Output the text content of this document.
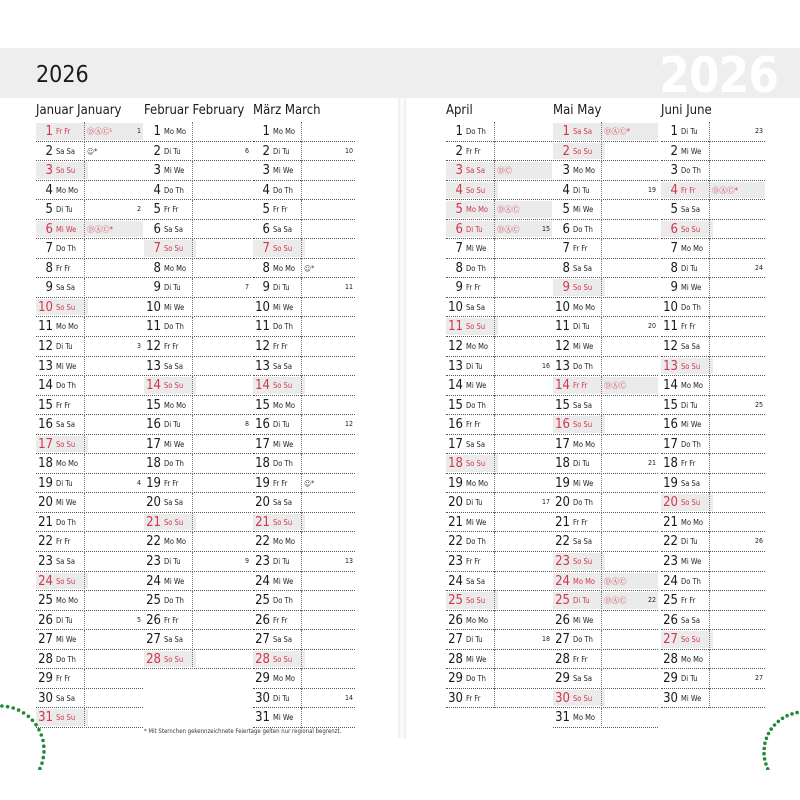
2026	2026
Januar January
1 Fr Fr ⒹⒶⒸ¹	1
2 Sa Sa ☺*
3 So Su
4 Mo Mo
5 Di Tu	2
6 Mi We ⒹⒶⒸ*
7 Do Th
8 Fr Fr
9 Sa Sa
10 So Su
11 Mo Mo
12 Di Tu	3
13 Mi We
14 Do Th
15 Fr Fr
16 Sa Sa
17 So Su
18 Mo Mo
19 Di Tu	4
20 Mi We
21 Do Th
22 Fr Fr
23 Sa Sa
24 So Su
25 Mo Mo
26 Di Tu	5
27 Mi We
28 Do Th
29 Fr Fr
30 Sa Sa
31 So Su
Februar February
1 Mo Mo
2 Di Tu	6
3 Mi We
4 Do Th
5 Fr Fr
6 Sa Sa
7 So Su
8 Mo Mo
9 Di Tu	7
10 Mi We
11 Do Th
12 Fr Fr
13 Sa Sa
14 So Su
15 Mo Mo
16 Di Tu	8
17 Mi We
18 Do Th
19 Fr Fr
20 Sa Sa
21 So Su
22 Mo Mo
23 Di Tu	9
24 Mi We
25 Do Th
26 Fr Fr
27 Sa Sa
28 So Su
März March
1 Mo Mo
2 Di Tu	10
3 Mi We
4 Do Th
5 Fr Fr
6 Sa Sa
7 So Su
8 Mo Mo ☺*
9 Di Tu	11
10 Mi We
11 Do Th
12 Fr Fr
13 Sa Sa
14 So Su
15 Mo Mo
16 Di Tu	12
17 Mi We
18 Do Th
19 Fr Fr ☺*
20 Sa Sa
21 So Su
22 Mo Mo
23 Di Tu	13
24 Mi We
25 Do Th
26 Fr Fr
27 Sa Sa
28 So Su
29 Mo Mo
30 Di Tu	14
31 Mi We
April
1 Do Th
2 Fr Fr
3 Sa Sa ⒹⒸ
4 So Su
5 Mo Mo ⒹⒶⒸ
6 Di Tu ⒹⒶⒸ	15
7 Mi We
8 Do Th
9 Fr Fr
10 Sa Sa
11 So Su
12 Mo Mo
13 Di Tu	16
14 Mi We
15 Do Th
16 Fr Fr
17 Sa Sa
18 So Su
19 Mo Mo
20 Di Tu	17
21 Mi We
22 Do Th
23 Fr Fr
24 Sa Sa
25 So Su
26 Mo Mo
27 Di Tu	18
28 Mi We
29 Do Th
30 Fr Fr
Mai May
1 Sa Sa ⒹⒶⒸ*
2 So Su
3 Mo Mo
4 Di Tu	19
5 Mi We
6 Do Th
7 Fr Fr
8 Sa Sa
9 So Su
10 Mo Mo
11 Di Tu	20
12 Mi We
13 Do Th
14 Fr Fr ⒹⒶⒸ
15 Sa Sa
16 So Su
17 Mo Mo
18 Di Tu	21
19 Mi We
20 Do Th
21 Fr Fr
22 Sa Sa
23 So Su
24 Mo Mo ⒹⒶⒸ
25 Di Tu ⒹⒶⒸ	22
26 Mi We
27 Do Th
28 Fr Fr
29 Sa Sa
30 So Su
31 Mo Mo
Juni June
1 Di Tu	23
2 Mi We
3 Do Th
4 Fr Fr ⒹⒶⒸ*
5 Sa Sa
6 So Su
7 Mo Mo
8 Di Tu	24
9 Mi We
10 Do Th
11 Fr Fr
12 Sa Sa
13 So Su
14 Mo Mo
15 Di Tu	25
16 Mi We
17 Do Th
18 Fr Fr
19 Sa Sa
20 So Su
21 Mo Mo
22 Di Tu	26
23 Mi We
24 Do Th
25 Fr Fr
26 Sa Sa
27 So Su
28 Mo Mo
29 Di Tu	27
30 Mi We
* Mit Sternchen gekennzeichnete Feiertage gelten nur regional begrenzt.
